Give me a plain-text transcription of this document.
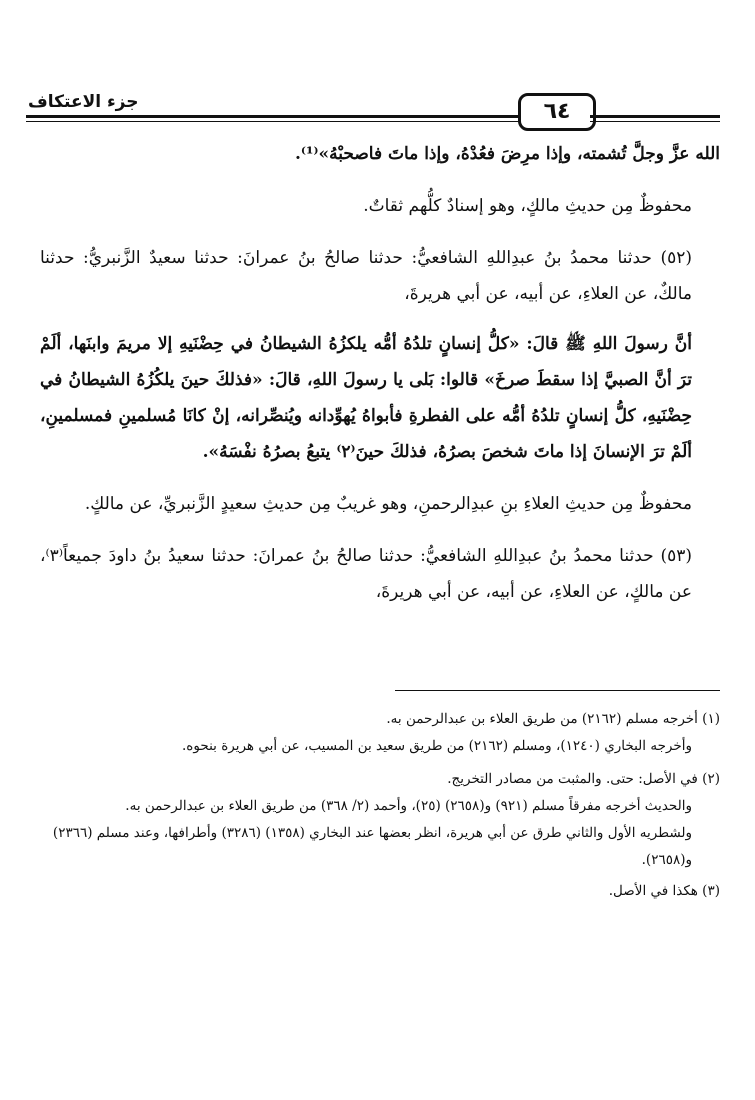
جزء الاعتكاف	٦٤

الله عزَّ وجلَّ تُشمته، وإذا مرِضَ فعُدْهُ، وإذا ماتَ فاصحبْهُ»⁽¹⁾.

محفوظٌ مِن حديثِ مالكٍ، وهو إسنادٌ كلُّهم ثقاتٌ.

(٥٢) حدثنا محمدُ بنُ عبدِاللهِ الشافعيُّ: حدثنا صالحُ بنُ عمرانَ: حدثنا سعيدٌ الزَّنبريُّ: حدثنا مالكٌ، عن العلاءِ، عن أبيه، عن أبي هريرةَ،

أنَّ رسولَ اللهِ ﷺ قالَ: «كلُّ إنسانٍ تلدُهُ أمُّه يلكزُهُ الشيطانُ في حِضْنَيهِ إلا مريمَ وابنَها، ألَمْ ترَ أنَّ الصبيَّ إذا سقطَ صرخَ» قالوا: بَلى يا رسولَ اللهِ، قالَ: «فذلكَ حينَ يلكُزُهُ الشيطانُ في حِضْنَيهِ، كلُّ إنسانٍ تلدُهُ أمُّه على الفطرةِ فأبواهُ يُهوِّدانه ويُنصِّرانه، إنْ كانَا مُسلمينِ فمسلمينِ، ألَمْ ترَ الإنسانَ إذا ماتَ شخصَ بصرُهُ، فذلكَ حينَ⁽٢⁾ يتبعُ بصرُهُ نفْسَهُ».

محفوظٌ مِن حديثِ العلاءِ بنِ عبدِالرحمنِ، وهو غريبٌ مِن حديثِ سعيدٍ الزَّنبريِّ، عن مالكٍ.

(٥٣) حدثنا محمدُ بنُ عبدِاللهِ الشافعيُّ: حدثنا صالحُ بنُ عمرانَ: حدثنا سعيدُ بنُ داودَ جميعاً⁽٣⁾، عن مالكٍ، عن العلاءِ، عن أبيه، عن أبي هريرةَ،

(١) أخرجه مسلم (٢١٦٢) من طريق العلاء بن عبدالرحمن به.

وأخرجه البخاري (١٢٤٠)، ومسلم (٢١٦٢) من طريق سعيد بن المسيب، عن أبي هريرة بنحوه.

(٢) في الأصل: حتى. والمثبت من مصادر التخريج.

والحديث أخرجه مفرقاً مسلم (٩٢١) و(٢٦٥٨) (٢٥)، وأحمد (٢/ ٣٦٨) من طريق العلاء بن عبدالرحمن به.

ولشطريه الأول والثاني طرق عن أبي هريرة، انظر بعضها عند البخاري (١٣٥٨) (٣٢٨٦) وأطرافها، وعند مسلم (٢٣٦٦) و(٢٦٥٨).

(٣) هكذا في الأصل.
